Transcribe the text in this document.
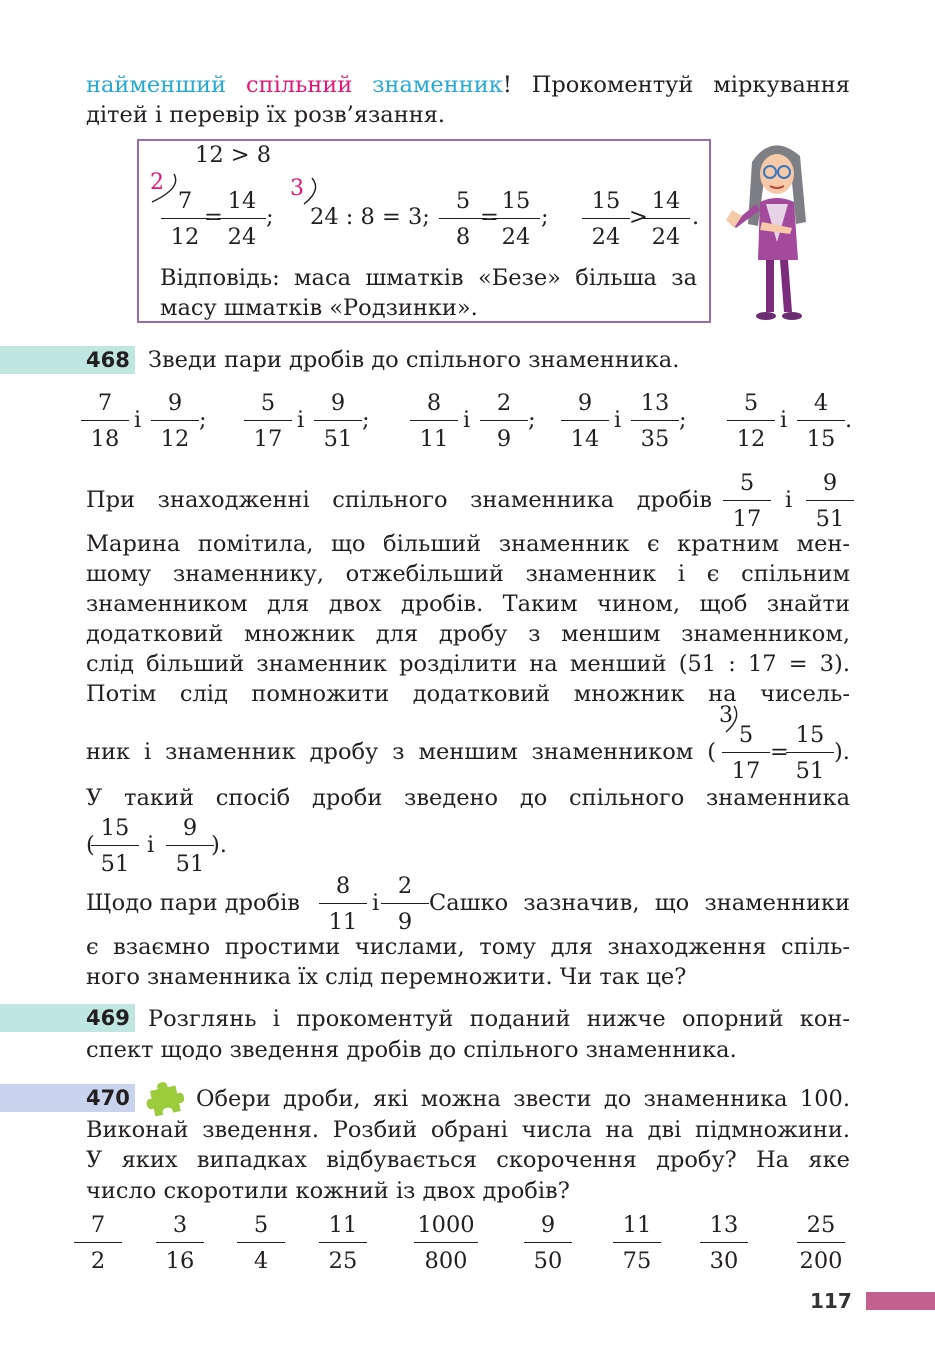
найменший спільний знаменник! Прокоментуй міркування
дітей і перевір їх розв’язання.
12 > 8
2
7
12
=
14
24
;
3
24 : 8 = 3;
5
8
=
15
24
;
15
24
>
14
24
.
Відповідь: маса шматків «Безе» більша за
масу шматків «Родзинки».
468 Зведи пари дробів до спільного знаменника.
7
18
і
9
12
;
5
17
і
9
51
;
8
11
і
2
9
;
9
14
і
13
35
;
5
12
і
4
15
.
При знаходженні спільного знаменника дробів
5
17
і
9
51
Марина помітила, що більший знаменник є кратним мен-
шому знаменнику, отжебільший знаменник і є спільним
знаменником для двох дробів. Таким чином, щоб знайти
додатковий множник для дробу з меншим знаменником,
слід більший знаменник розділити на менший (51 : 17 = 3).
Потім слід помножити додатковий множник на чисель-
ник і знаменник дробу з меншим знаменником (
3
5
17
=
15
51
).
У такий спосіб дроби зведено до спільного знаменника
(
15
51
і
9
51
).
Щодо пари дробів
8
11
і
2
9
Сашко зазначив, що знаменники
є взаємно простими числами, тому для знаходження спіль-
ного знаменника їх слід перемножити. Чи так це?
469 Розглянь і прокоментуй поданий нижче опорний кон-
спект щодо зведення дробів до спільного знаменника.
470	Обери дроби, які можна звести до знаменника 100.
Виконай зведення. Розбий обрані числа на дві підмножини.
У яких випадках відбувається скорочення дробу? На яке
число скоротили кожний із двох дробів?
7
2
3
16
5
4
11
25
1000
800
9
50
11
75
13
30
25
200
117
